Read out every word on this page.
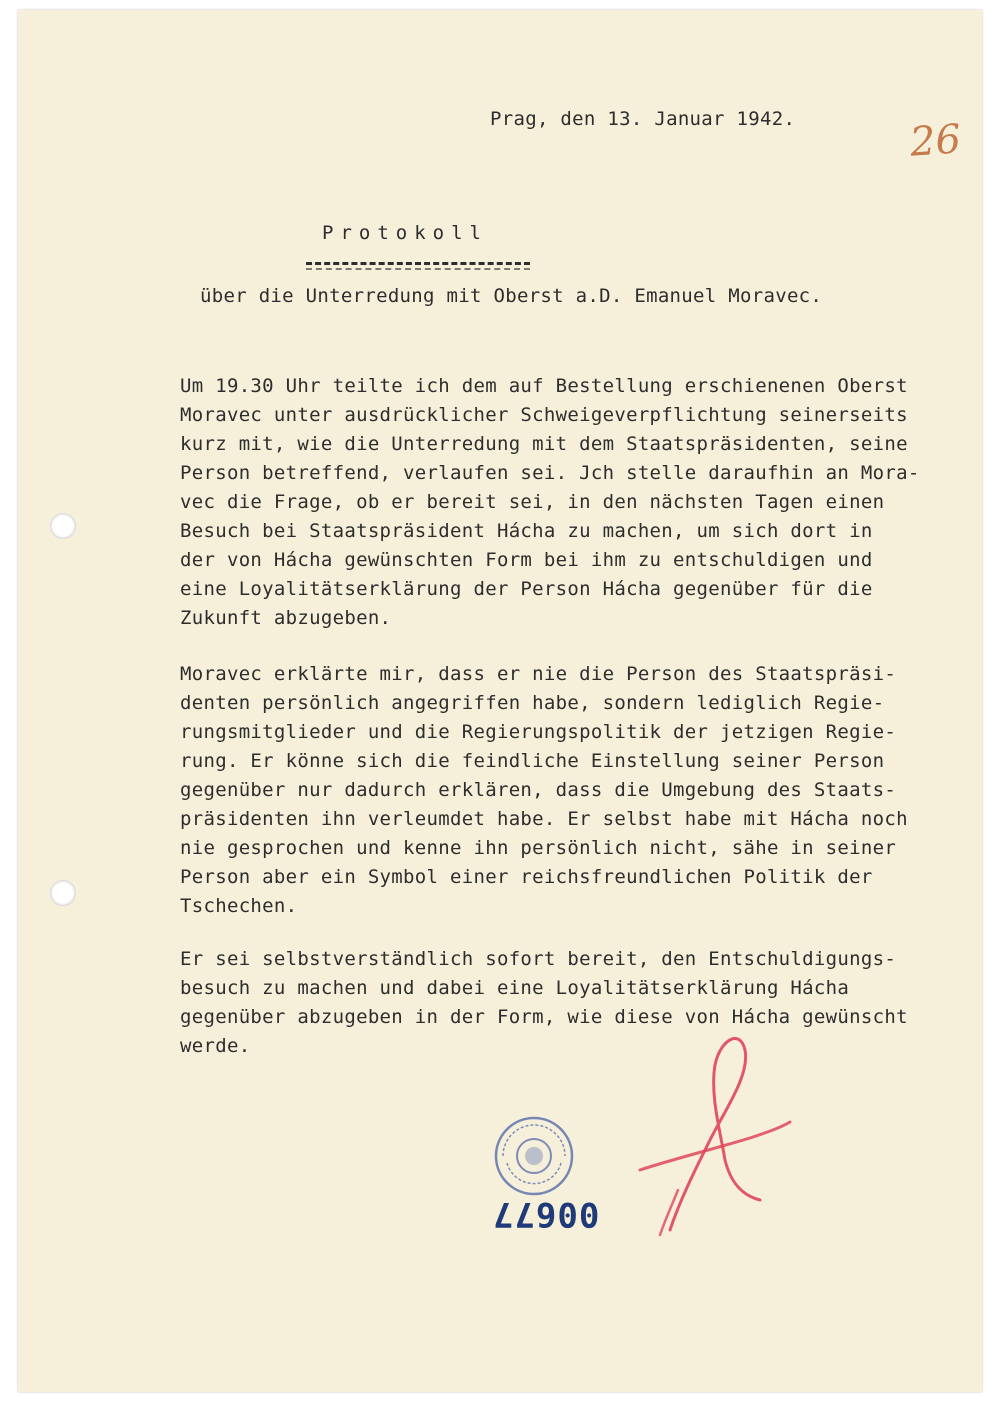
Prag, den 13. Januar 1942.	26
Protokoll
über die Unterredung mit Oberst a.D. Emanuel Moravec.
Um 19.30 Uhr teilte ich dem auf Bestellung erschienenen Oberst
Moravec unter ausdrücklicher Schweigeverpflichtung seinerseits
kurz mit, wie die Unterredung mit dem Staatspräsidenten, seine
Person betreffend, verlaufen sei. Jch stelle daraufhin an Mora-
vec die Frage, ob er bereit sei, in den nächsten Tagen einen
Besuch bei Staatspräsident Hácha zu machen, um sich dort in
der von Hácha gewünschten Form bei ihm zu entschuldigen und
eine Loyalitätserklärung der Person Hácha gegenüber für die
Zukunft abzugeben.
Moravec erklärte mir, dass er nie die Person des Staatspräsi-
denten persönlich angegriffen habe, sondern lediglich Regie-
rungsmitglieder und die Regierungspolitik der jetzigen Regie-
rung. Er könne sich die feindliche Einstellung seiner Person
gegenüber nur dadurch erklären, dass die Umgebung des Staats-
präsidenten ihn verleumdet habe. Er selbst habe mit Hácha noch
nie gesprochen und kenne ihn persönlich nicht, sähe in seiner
Person aber ein Symbol einer reichsfreundlichen Politik der
Tschechen.
Er sei selbstverständlich sofort bereit, den Entschuldigungs-
besuch zu machen und dabei eine Loyalitätserklärung Hácha
gegenüber abzugeben in der Form, wie diese von Hácha gewünscht
werde.
00677
